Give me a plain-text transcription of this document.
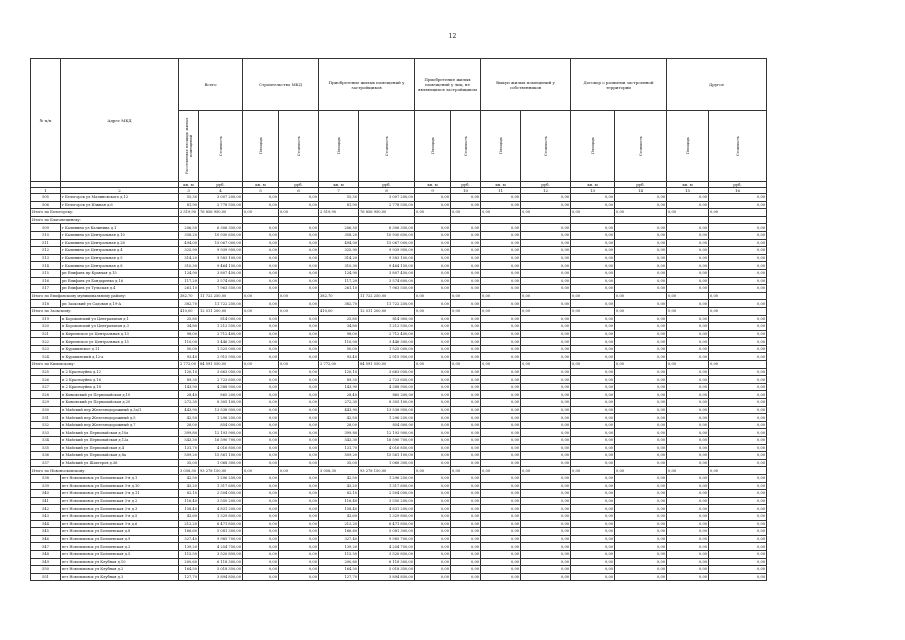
12
№ п/п	Адрес МКД	Всего		Строительство МКД		Приобретение жилых помещений у застройщиков		Приобретение жилых помещений у лиц, не являющихся застройщиком		Выкуп жилых помещений у собственников		Договор о развитии застроенной территории		Другое		

		Расселяемая площадь жилых помещений	Стоимость	Площадь	Стоимость	Площадь	Стоимость	Площадь	Стоимость	Площадь	Стоимость	Площадь	Стоимость	Площадь	Стоимость	

		кв. м	руб.	кв. м	руб.	кв. м	руб.	кв. м	руб.	кв. м	руб.	кв. м	руб.	кв. м	руб.	
1	2	3	4	5	6	7	8	9	10	11	12	13	14	15	16	
505	г Белогорск ул Малиновского д.12	55,30	3 007 200,00	0,00	0,00	55,30	3 007 200,00	0,00	0,00	0,00	0,00	0,00	0,00	0,00	0,00		
506	г Белогорск ул Южная д.6	81,90	2 778 550,00	0,00	0,00	81,90	2 778 550,00	0,00	0,00	0,00	0,00	0,00	0,00	0,00	0,00		
Итого по Белогорску:		2 519,90	76 856 950,00	0,00	0,00	2 519,90	76 856 950,00	0,00	0,00	0,00	0,00	0,00	0,00	0,00	0,00		
Итого по Благовещенску:																
509	г Калинина ул Калинина д.1	206,50	6 306 350,00	0,00	0,00	206,50	6 306 350,00	0,00	0,00	0,00	0,00	0,00	0,00	0,00	0,00		
510	г Калинина ул Центральная д.10	358,20	10 930 650,00	0,00	0,00	358,20	10 930 650,00	0,00	0,00	0,00	0,00	0,00	0,00	0,00	0,00		
511	г Калинина ул Центральная д.28	494,00	15 067 000,00	0,00	0,00	494,00	15 067 000,00	0,00	0,00	0,00	0,00	0,00	0,00	0,00	0,00		
512	г Калинина ул Центральная д.4	325,90	9 939 950,00	0,00	0,00	325,90	9 939 950,00	0,00	0,00	0,00	0,00	0,00	0,00	0,00	0,00		
513	г Калинина ул Центральная д.5	314,20	9 583 100,00	0,00	0,00	314,20	9 583 100,00	0,00	0,00	0,00	0,00	0,00	0,00	0,00	0,00		
514	г Калинина ул Центральная д.8	310,30	9 464 150,00	0,00	0,00	310,30	9 464 150,00	0,00	0,00	0,00	0,00	0,00	0,00	0,00	0,00		
515	рп Епифань пр Кравчая д.15	124,90	3 807 450,00	0,00	0,00	124,90	3 807 450,00	0,00	0,00	0,00	0,00	0,00	0,00	0,00	0,00		
516	рп Епифань ул Бондаренко д.16	117,20	3 574 600,00	0,00	0,00	117,20	3 574 600,00	0,00	0,00	0,00	0,00	0,00	0,00	0,00	0,00		
517	рп Епифань ул Тульская д.4	261,10	7 963 550,00	0,00	0,00	261,10	7 963 550,00	0,00	0,00	0,00	0,00	0,00	0,00	0,00	0,00		
Итого по Епифанскому муниципальному району:		382,70	11 722 250,00	0,00	0,00	382,70	11 722 250,00	0,00	0,00	0,00	0,00	0,00	0,00	0,00	0,00		
518	рп Заокский ул Садовая д.19-А	382,70	11 722 250,00	0,00	0,00	382,70	11 722 250,00	0,00	0,00	0,00	0,00	0,00	0,00	0,00	0,00		
Итого по Заокскому:		410,00	12 511 200,00	0,00	0,00	410,00	12 511 200,00	0,00	0,00	0,00	0,00	0,00	0,00	0,00	0,00		
519	п Бороковский ул Центральная д.1	25,80	814 000,00	0,00	0,00	25,80	814 000,00	0,00	0,00	0,00	0,00	0,00	0,00	0,00	0,00		
520	п Бороковский ул Центральная д.3	34,80	1 212 550,00	0,00	0,00	34,80	1 212 550,00	0,00	0,00	0,00	0,00	0,00	0,00	0,00	0,00		
521	п Киреевское ул Центральная д.13	98,00	2 712 400,00	0,00	0,00	98,00	2 712 400,00	0,00	0,00	0,00	0,00	0,00	0,00	0,00	0,00		
522	п Киреевское ул Центральная д.15	110,00	3 446 300,00	0,00	0,00	110,00	3 446 300,00	0,00	0,00	0,00	0,00	0,00	0,00	0,00	0,00		
523	п Куракинское д.11	50,00	1 525 000,00	0,00	0,00	50,00	1 525 000,00	0,00	0,00	0,00	0,00	0,00	0,00	0,00	0,00		
524	п Куракинский д.12-а	93,40	2 915 950,00	0,00	0,00	93,40	2 915 950,00	0,00	0,00	0,00	0,00	0,00	0,00	0,00	0,00		
Итого по Кимовскому:		2 772,00	84 591 550,00	0,00	0,00	2 772,00	84 591 550,00	0,00	0,00	0,00	0,00	0,00	0,00	0,00	0,00		
525	п 2 Красноуйна д.12	120,10	3 663 050,00	0,00	0,00	120,10	3 663 050,00	0,00	0,00	0,00	0,00	0,00	0,00	0,00	0,00		
526	п 2 Красноуйна д.16	89,30	2 723 650,00	0,00	0,00	89,30	2 723 650,00	0,00	0,00	0,00	0,00	0,00	0,00	0,00	0,00		
527	п 2 Красноуйна д.18	143,90	4 388 950,00	0,00	0,00	143,90	4 388 950,00	0,00	0,00	0,00	0,00	0,00	0,00	0,00	0,00		
528	п Кимовский ул Первомайская д.10	28,40	865 200,00	0,00	0,00	28,40	865 200,00	0,00	0,00	0,00	0,00	0,00	0,00	0,00	0,00		
529	п Кимовский ул Первомайская д.20	272,30	8 305 100,00	0,00	0,00	272,30	8 305 100,00	0,00	0,00	0,00	0,00	0,00	0,00	0,00	0,00		
530	п Майский пер Железнодорожный д.3а/1	443,90	13 538 950,00	0,00	0,00	443,90	13 538 950,00	0,00	0,00	0,00	0,00	0,00	0,00	0,00	0,00		
531	п Майский пер Железнодорожный д.5	42,50	1 296 250,00	0,00	0,00	42,50	1 296 250,00	0,00	0,00	0,00	0,00	0,00	0,00	0,00	0,00		
532	п Майский пер Железнодорожный д.7	28,00	854 000,00	0,00	0,00	28,00	854 000,00	0,00	0,00	0,00	0,00	0,00	0,00	0,00	0,00		
533	п Майский ул Первомайская д.10а	399,80	12 193 900,00	0,00	0,00	399,80	12 193 900,00	0,00	0,00	0,00	0,00	0,00	0,00	0,00	0,00		
534	п Майский ул Первомайская д.12а	543,30	16 590 700,00	0,00	0,00	543,30	16 590 700,00	0,00	0,00	0,00	0,00	0,00	0,00	0,00	0,00		
535	п Майский ул Первомайская д.4	131,70	4 016 850,00	0,00	0,00	131,70	4 016 850,00	0,00	0,00	0,00	0,00	0,00	0,00	0,00	0,00		
536	п Майский ул Первомайская д.8а	509,20	15 561 100,00	0,00	0,00	509,20	15 561 100,00	0,00	0,00	0,00	0,00	0,00	0,00	0,00	0,00		
537	п Майский ул Шахтеров д.36	35,00	1 068 300,00	0,00	0,00	35,00	1 068 300,00	0,00	0,00	0,00	0,00	0,00	0,00	0,00	0,00		
Итого по Новомосковскому:		3 058,30	93 278 150,00	0,00	0,00	3 058,30	93 278 150,00	0,00	0,00	0,00	0,00	0,00	0,00	0,00	0,00		
538	пгт Новольвовск ул Болшевская 3-я д.1	42,50	1 296 250,00	0,00	0,00	42,50	1 296 250,00	0,00	0,00	0,00	0,00	0,00	0,00	0,00	0,00		
539	пгт Новольвовск ул Болшевская 3-я д.10	43,20	1 317 600,00	0,00	0,00	43,20	1 317 600,00	0,00	0,00	0,00	0,00	0,00	0,00	0,00	0,00		
540	пгт Новольвовск ул Болшевская 3-я д.11	82,10	2 504 050,00	0,00	0,00	82,10	2 504 050,00	0,00	0,00	0,00	0,00	0,00	0,00	0,00	0,00		
541	пгт Новольвовск ул Болшевская 3-я д.2	116,40	3 550 200,00	0,00	0,00	116,40	3 550 200,00	0,00	0,00	0,00	0,00	0,00	0,00	0,00	0,00		
542	пгт Новольвовск ул Болшевская 3-я д.3	158,40	4 831 200,00	0,00	0,00	158,40	4 831 200,00	0,00	0,00	0,00	0,00	0,00	0,00	0,00	0,00		
543	пгт Новольвовск ул Болшевская 3-я д.5	43,60	1 329 800,00	0,00	0,00	43,60	1 329 800,00	0,00	0,00	0,00	0,00	0,00	0,00	0,00	0,00		
544	пгт Новольвовск ул Болшевская 3-я д.6	212,20	6 471 850,00	0,00	0,00	212,20	6 471 850,00	0,00	0,00	0,00	0,00	0,00	0,00	0,00	0,00		
545	пгт Новольвовск ул Болшевская д.8	166,60	5 081 300,00	0,00	0,00	166,60	5 081 300,00	0,00	0,00	0,00	0,00	0,00	0,00	0,00	0,00		
546	пгт Новольвовск ул Болшевская д.9	327,40	9 985 700,00	0,00	0,00	327,40	9 985 700,00	0,00	0,00	0,00	0,00	0,00	0,00	0,00	0,00		
547	пгт Новольвовск ул Болшевская д.2	139,20	4 254 750,00	0,00	0,00	139,20	4 254 750,00	0,00	0,00	0,00	0,00	0,00	0,00	0,00	0,00		
548	пгт Новольвовск ул Болшевская д.5	115,50	3 520 850,00	0,00	0,00	115,50	3 520 850,00	0,00	0,00	0,00	0,00	0,00	0,00	0,00	0,00		
549	пгт Новольвовск ул Клубная д.10	200,60	6 118 300,00	0,00	0,00	200,60	6 118 300,00	0,00	0,00	0,00	0,00	0,00	0,00	0,00	0,00		
550	пгт Новольвовск ул Клубная д.2	164,50	5 018 350,00	0,00	0,00	164,50	5 018 350,00	0,00	0,00	0,00	0,00	0,00	0,00	0,00	0,00		
551	пгт Новольвовск ул Клубная д.3	127,70	3 894 850,00	0,00	0,00	127,70	3 894 850,00	0,00	0,00	0,00	0,00	0,00	0,00	0,00	0,00		
